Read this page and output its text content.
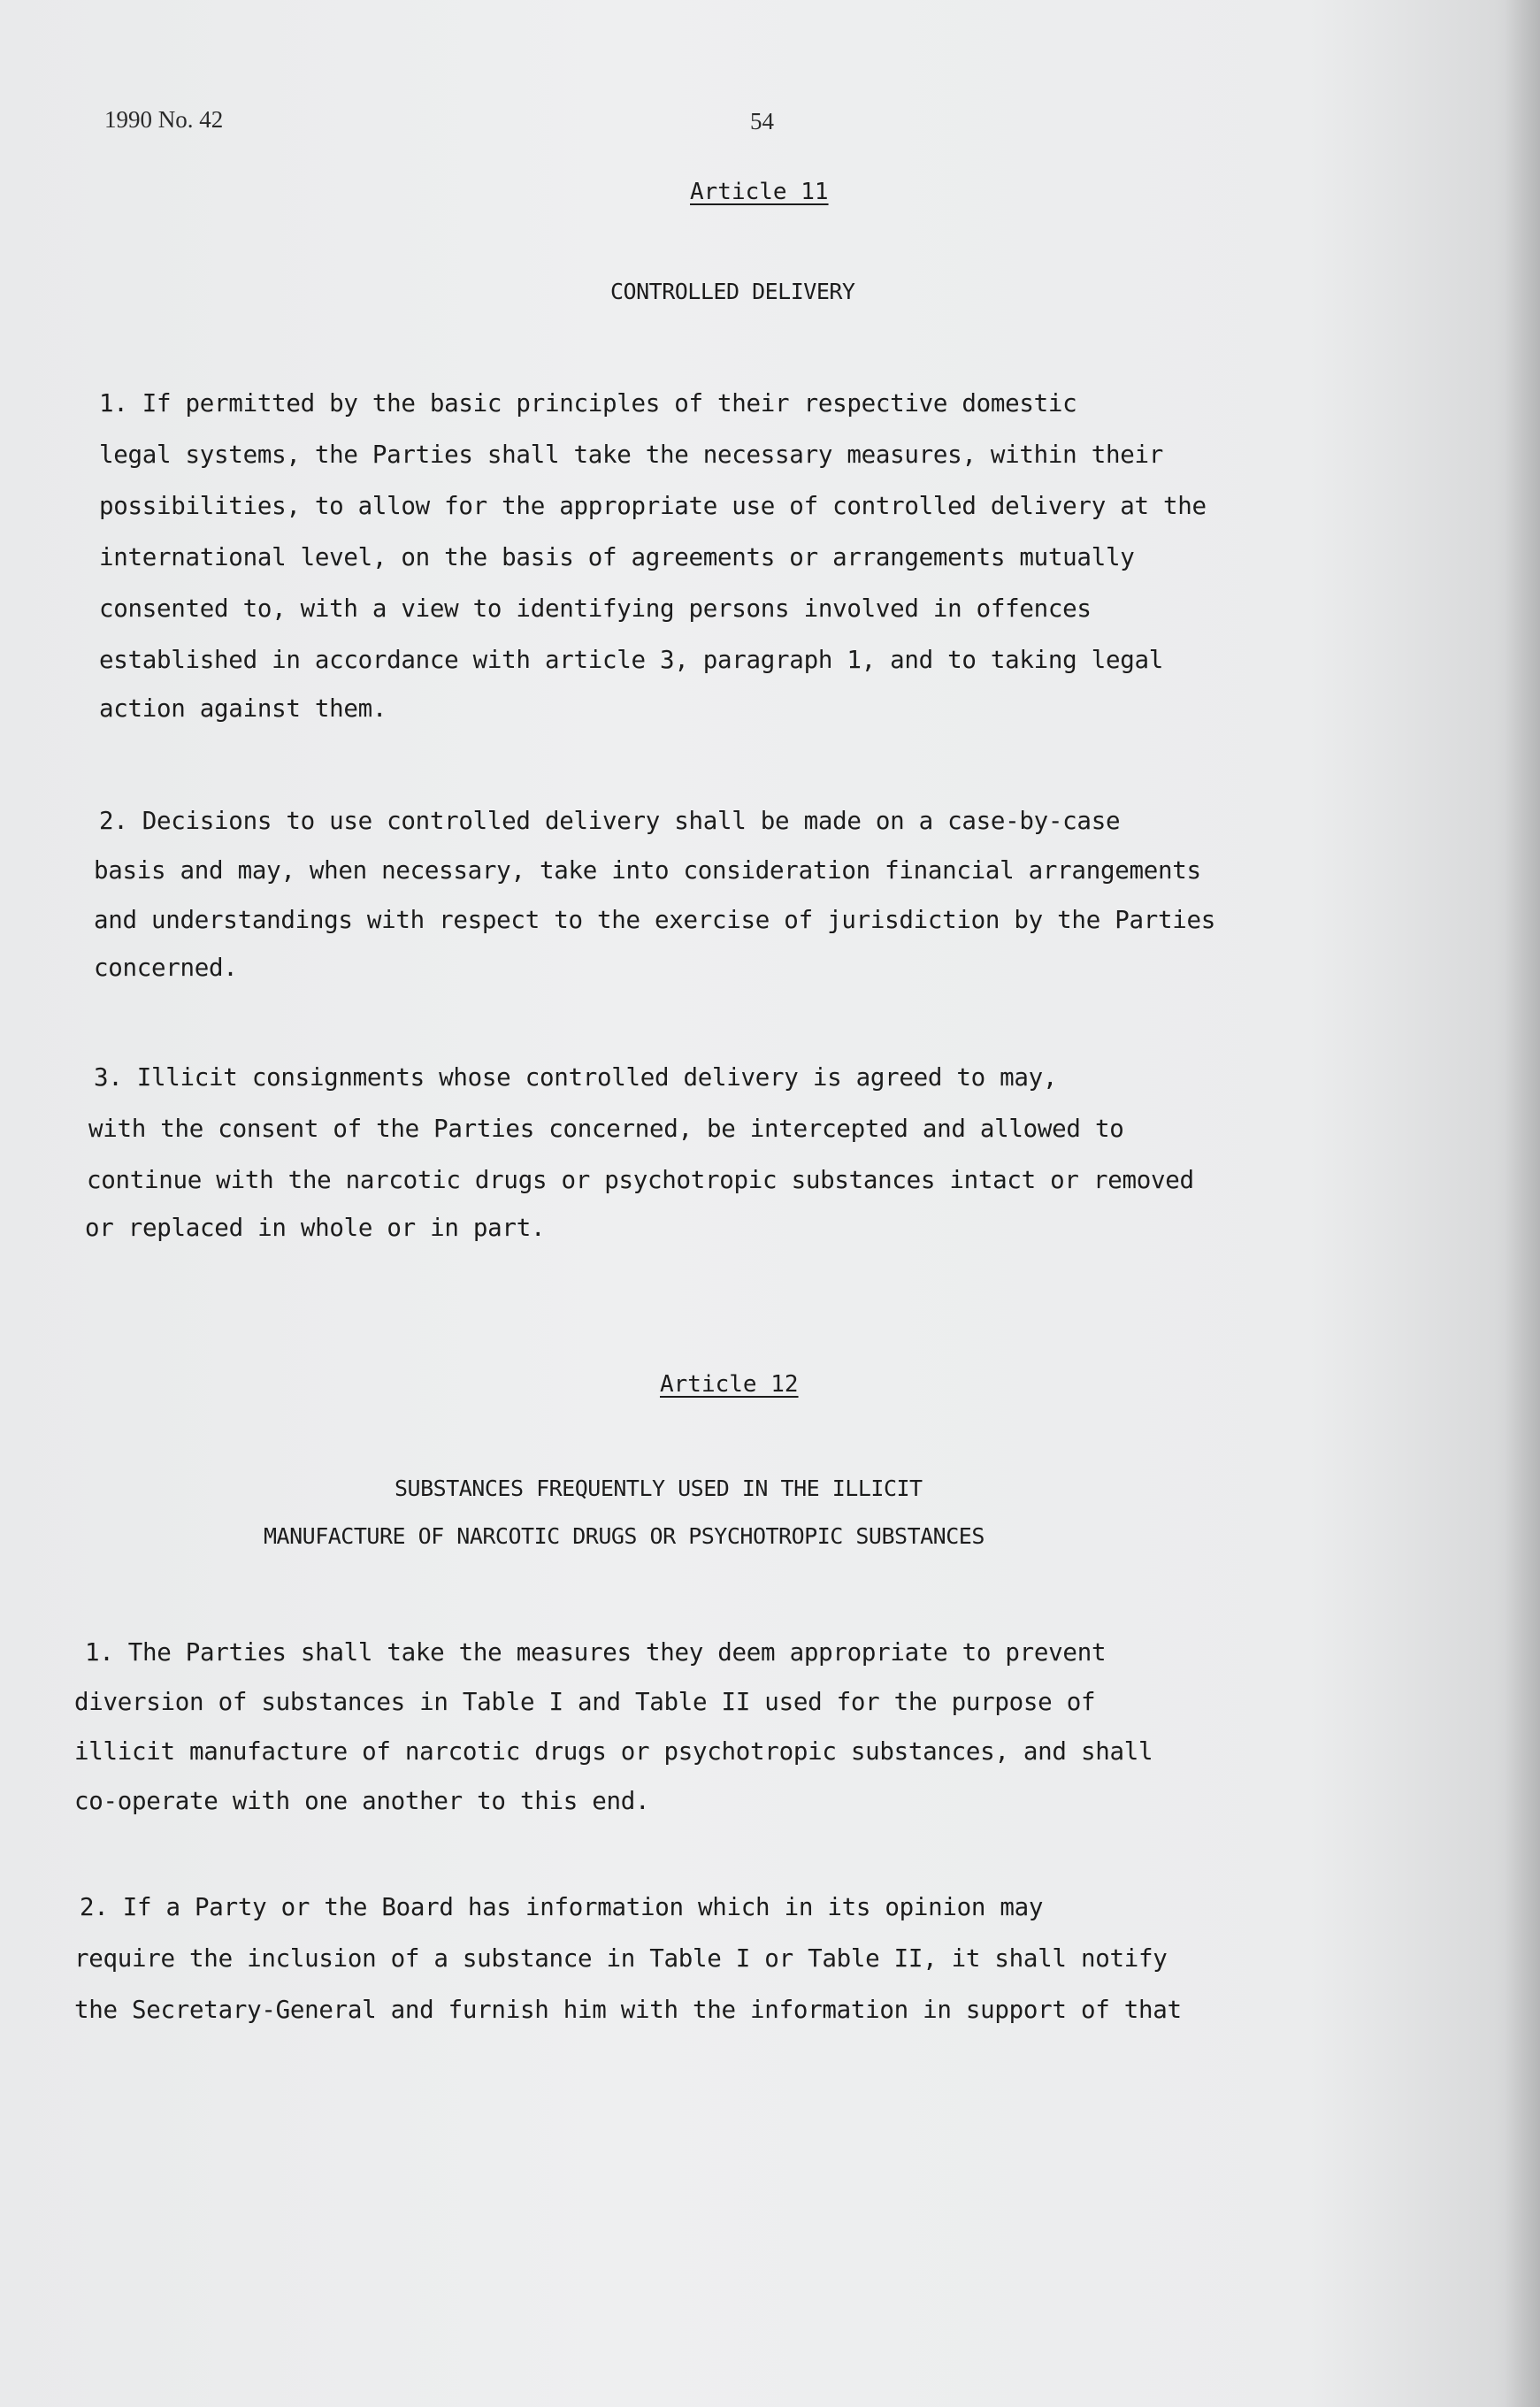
1990 No. 42	54
Article 11
CONTROLLED DELIVERY
1. If permitted by the basic principles of their respective domestic
legal systems, the Parties shall take the necessary measures, within their
possibilities, to allow for the appropriate use of controlled delivery at the
international level, on the basis of agreements or arrangements mutually
consented to, with a view to identifying persons involved in offences
established in accordance with article 3, paragraph 1, and to taking legal
action against them.
2. Decisions to use controlled delivery shall be made on a case-by-case
basis and may, when necessary, take into consideration financial arrangements
and understandings with respect to the exercise of jurisdiction by the Parties
concerned.
3. Illicit consignments whose controlled delivery is agreed to may,
with the consent of the Parties concerned, be intercepted and allowed to
continue with the narcotic drugs or psychotropic substances intact or removed
or replaced in whole or in part.
Article 12
SUBSTANCES FREQUENTLY USED IN THE ILLICIT
MANUFACTURE OF NARCOTIC DRUGS OR PSYCHOTROPIC SUBSTANCES
1. The Parties shall take the measures they deem appropriate to prevent
diversion of substances in Table I and Table II used for the purpose of
illicit manufacture of narcotic drugs or psychotropic substances, and shall
co-operate with one another to this end.
2. If a Party or the Board has information which in its opinion may
require the inclusion of a substance in Table I or Table II, it shall notify
the Secretary-General and furnish him with the information in support of that
